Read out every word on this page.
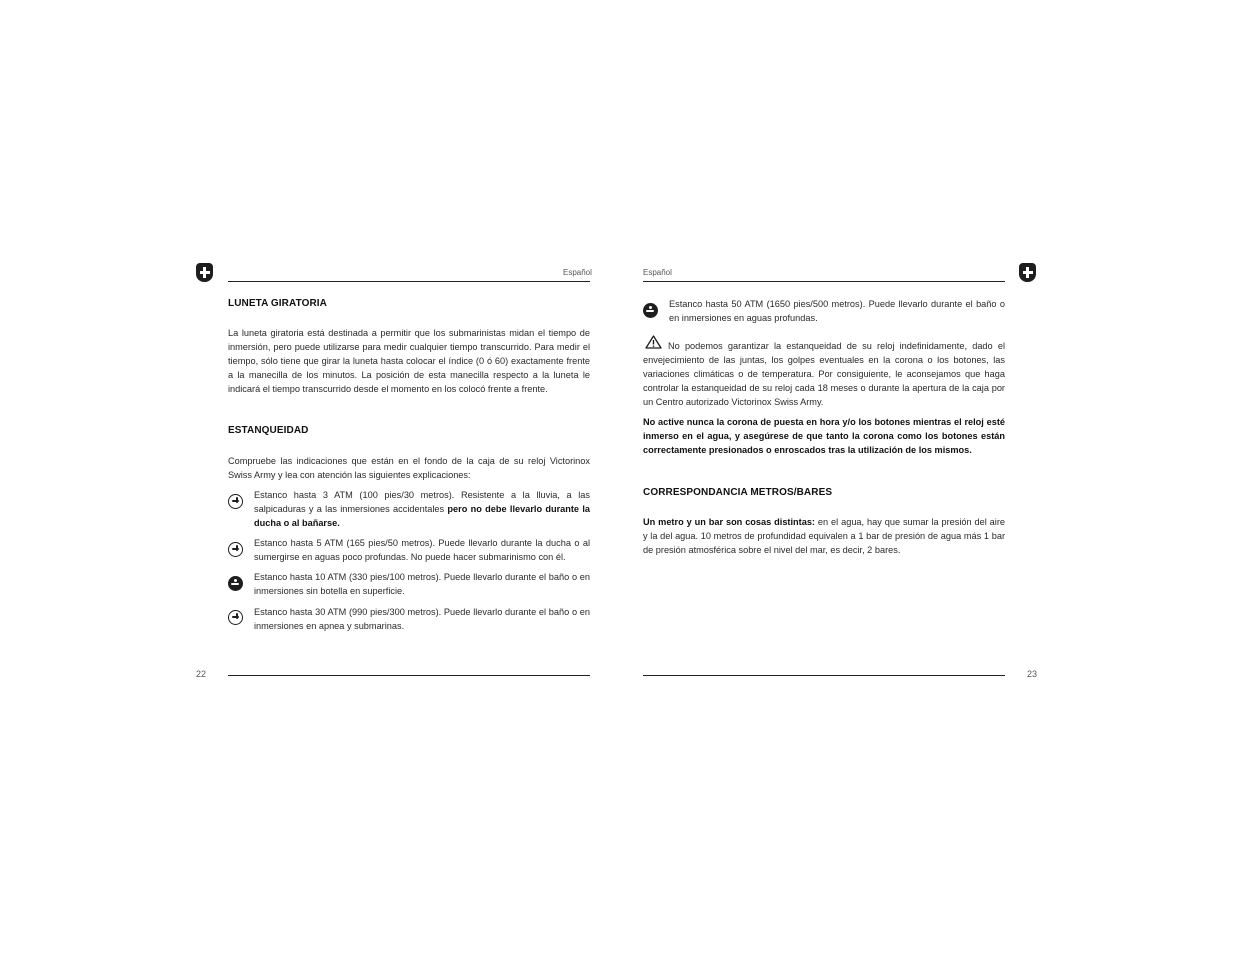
Español
LUNETA GIRATORIA
La luneta giratoria está destinada a permitir que los submarinistas midan el tiempo de inmersión, pero puede utilizarse para medir cualquier tiempo transcurrido. Para medir el tiempo, sólo tiene que girar la luneta hasta colocar el índice (0 ó 60) exactamente frente a la manecilla de los minutos. La posición de esta manecilla respecto a la luneta le indicará el tiempo transcurrido desde el momento en los colocó frente a frente.
ESTANQUEIDAD
Compruebe las indicaciones que están en el fondo de la caja de su reloj Victorinox Swiss Army y lea con atención las siguientes explicaciones:
Estanco hasta 3 ATM (100 pies/30 metros). Resistente a la lluvia, a las salpicaduras y a las inmersiones accidentales pero no debe llevarlo durante la ducha o al bañarse.
Estanco hasta 5 ATM (165 pies/50 metros). Puede llevarlo durante la ducha o al sumergirse en aguas poco profundas. No puede hacer submarinismo con él.
Estanco hasta 10 ATM (330 pies/100 metros). Puede llevarlo durante el baño o en inmersiones sin botella en superficie.
Estanco hasta 30 ATM (990 pies/300 metros). Puede llevarlo durante el baño o en inmersiones en apnea y submarinas.
22
Español
Estanco hasta 50 ATM (1650 pies/500 metros). Puede llevarlo durante el baño o en inmersiones en aguas profundas.
No podemos garantizar la estanqueidad de su reloj indefinidamente, dado el envejecimiento de las juntas, los golpes eventuales en la corona o los botones, las variaciones climáticas o de temperatura. Por consiguiente, le aconsejamos que haga controlar la estanqueidad de su reloj cada 18 meses o durante la apertura de la caja por un Centro autorizado Victorinox Swiss Army.
No active nunca la corona de puesta en hora y/o los botones mientras el reloj esté inmerso en el agua, y asegúrese de que tanto la corona como los botones están correctamente presionados o enroscados tras la utilización de los mismos.
CORRESPONDANCIA METROS/BARES
Un metro y un bar son cosas distintas: en el agua, hay que sumar la presión del aire y la del agua. 10 metros de profundidad equivalen a 1 bar de presión de agua más 1 bar de presión atmosférica sobre el nivel del mar, es decir, 2 bares.
23
